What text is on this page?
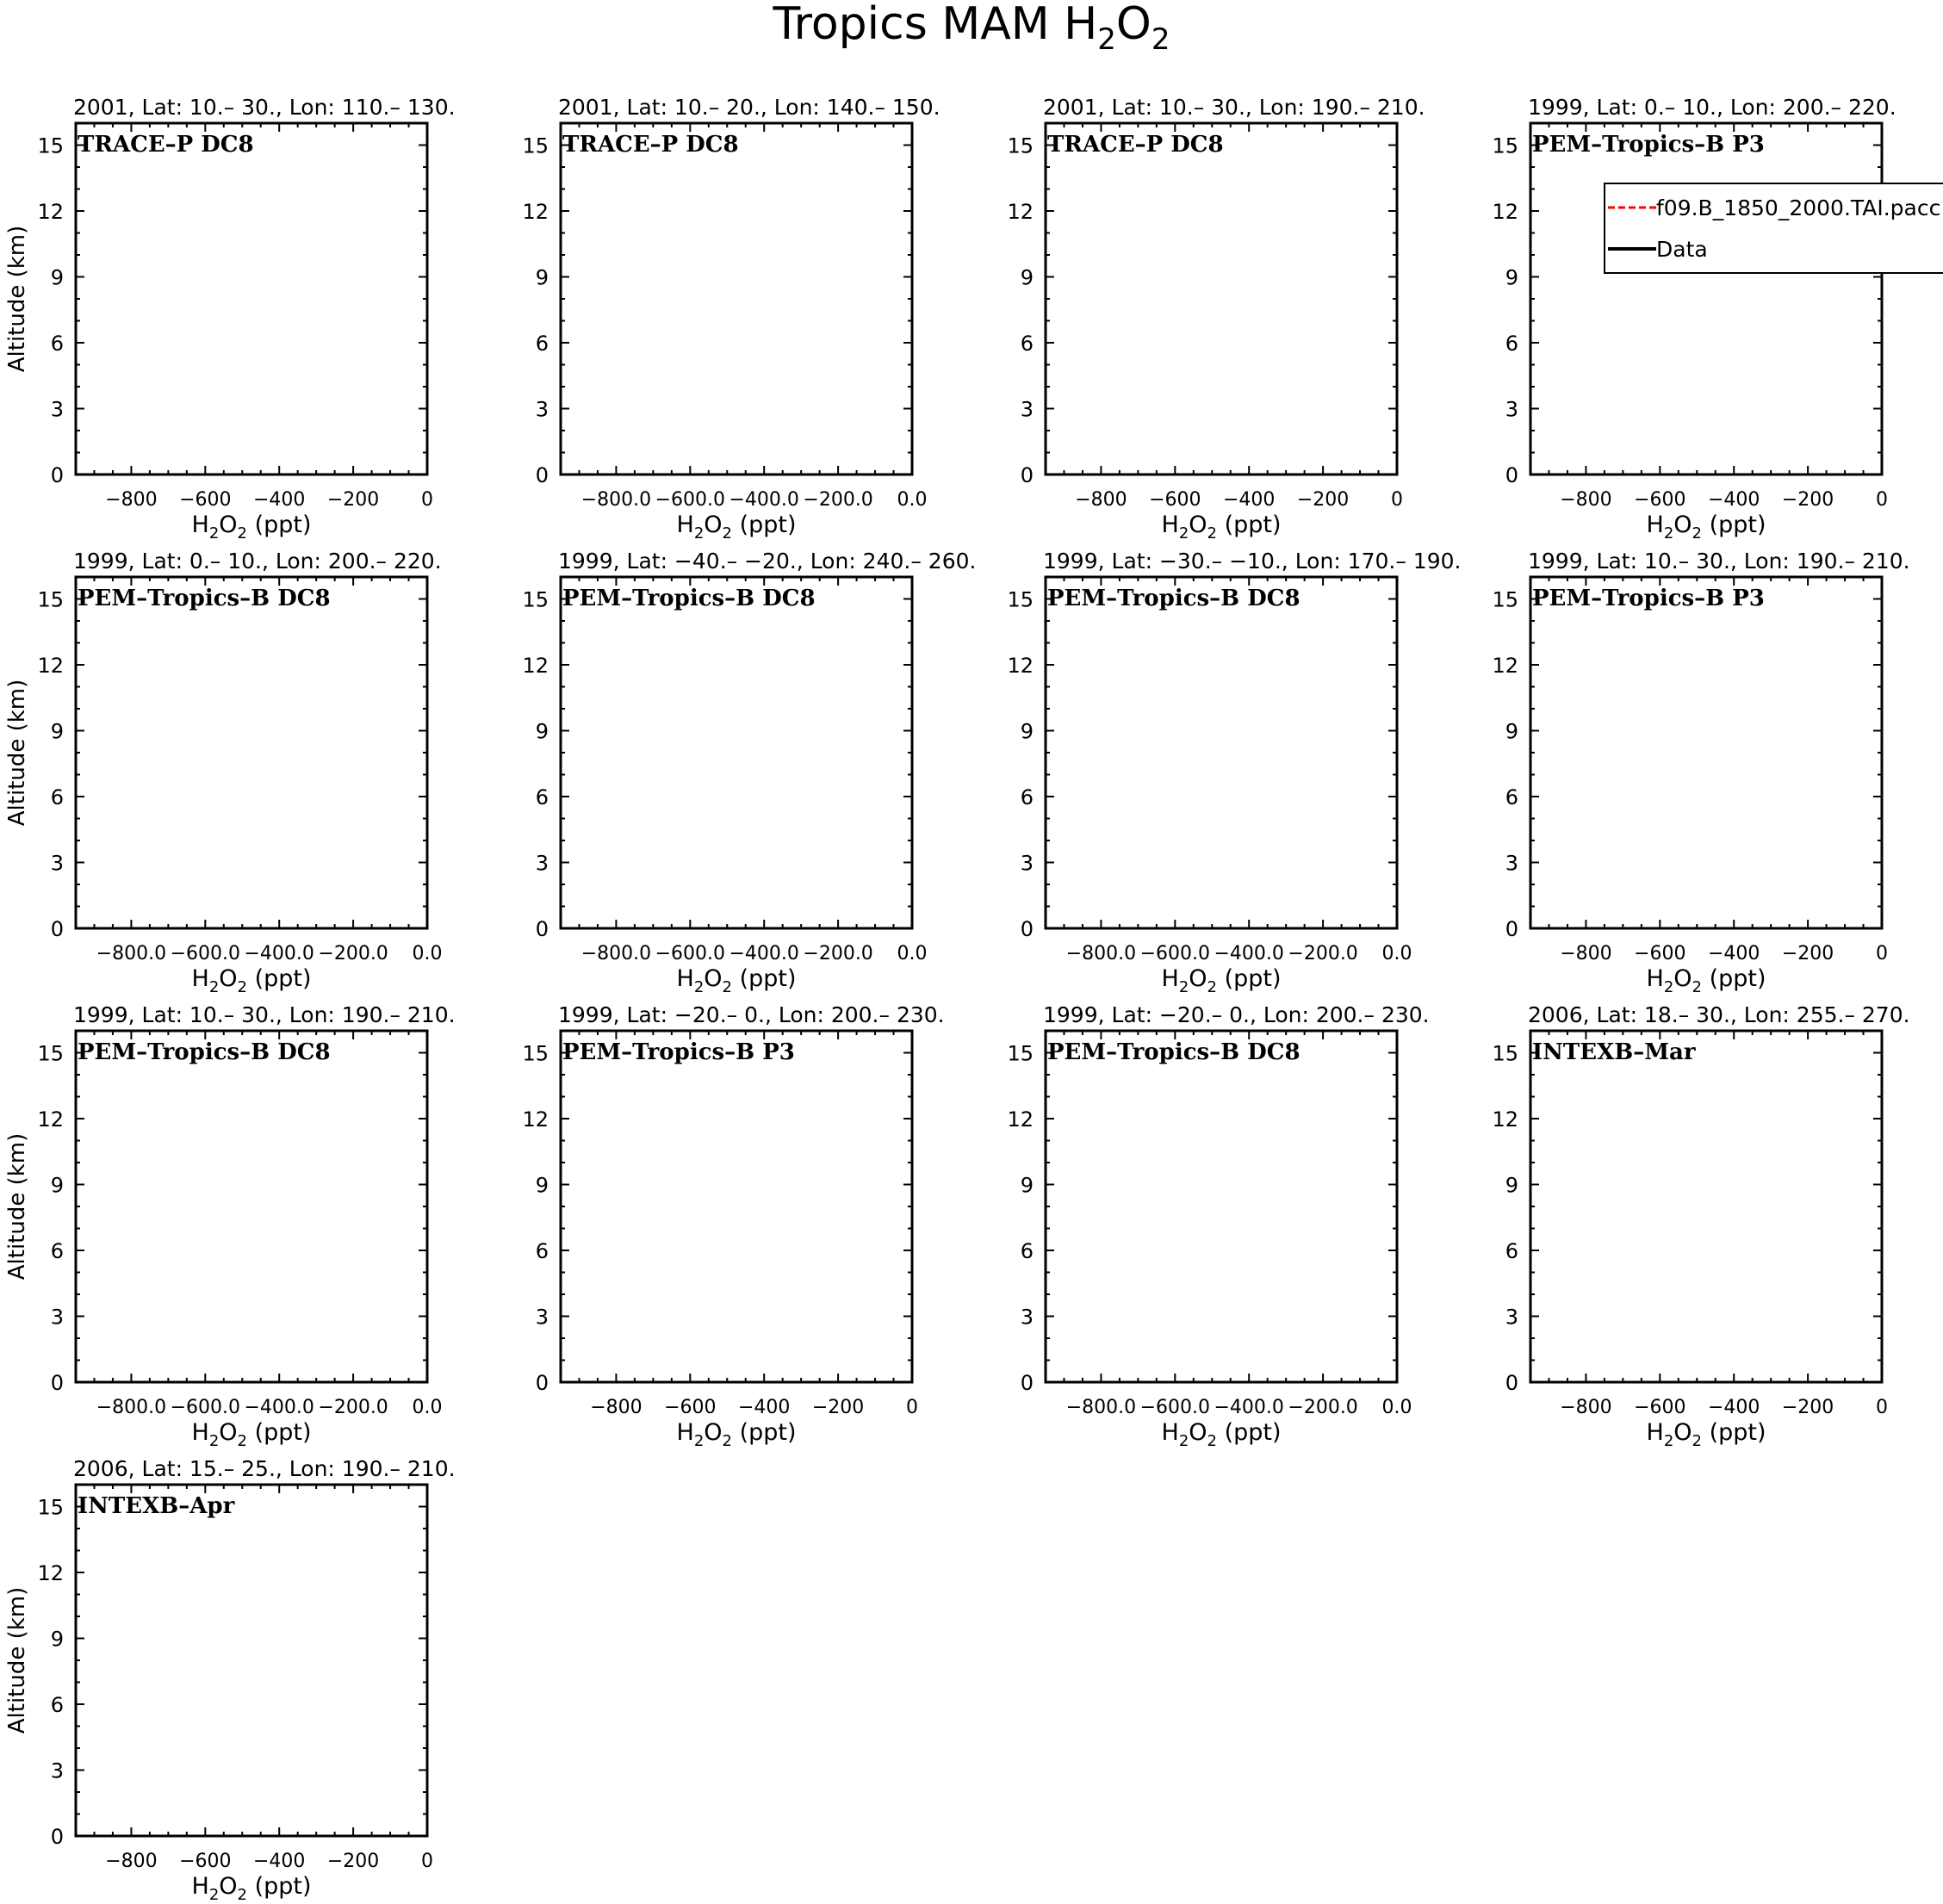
Tropics MAM $H_2O_2$
2001, Lat: 10.– 30., Lon: 110.– 130.
TRACE–P DC8
0
3
6
9
12
15
−800 −600 −400 −200 0
$H_2O_2$ (ppt)
Altitude (km)
2001, Lat: 10.– 20., Lon: 140.– 150.
TRACE–P DC8
0
3
6
9
12
15
−800.0 −600.0 −400.0 −200.0 0.0
$H_2O_2$ (ppt)
2001, Lat: 10.– 30., Lon: 190.– 210.
TRACE–P DC8
0
3
6
9
12
15
−800 −600 −400 −200 0
$H_2O_2$ (ppt)
1999, Lat: 0.– 10., Lon: 200.– 220.
PEM–Tropics–B P3
0
3
6
9
12
15
−800 −600 −400 −200 0
$H_2O_2$ (ppt)
f09.B_1850_2000.TAI.pacc
Data
1999, Lat: 0.– 10., Lon: 200.– 220.
PEM–Tropics–B DC8
0
3
6
9
12
15
−800.0 −600.0 −400.0 −200.0 0.0
$H_2O_2$ (ppt)
Altitude (km)
1999, Lat: −40.– −20., Lon: 240.– 260.
PEM–Tropics–B DC8
0
3
6
9
12
15
−800.0 −600.0 −400.0 −200.0 0.0
$H_2O_2$ (ppt)
1999, Lat: −30.– −10., Lon: 170.– 190.
PEM–Tropics–B DC8
0
3
6
9
12
15
−800.0 −600.0 −400.0 −200.0 0.0
$H_2O_2$ (ppt)
1999, Lat: 10.– 30., Lon: 190.– 210.
PEM–Tropics–B P3
0
3
6
9
12
15
−800 −600 −400 −200 0
$H_2O_2$ (ppt)
1999, Lat: 10.– 30., Lon: 190.– 210.
PEM–Tropics–B DC8
0
3
6
9
12
15
−800.0 −600.0 −400.0 −200.0 0.0
$H_2O_2$ (ppt)
Altitude (km)
1999, Lat: −20.– 0., Lon: 200.– 230.
PEM–Tropics–B P3
0
3
6
9
12
15
−800 −600 −400 −200 0
$H_2O_2$ (ppt)
1999, Lat: −20.– 0., Lon: 200.– 230.
PEM–Tropics–B DC8
0
3
6
9
12
15
−800.0 −600.0 −400.0 −200.0 0.0
$H_2O_2$ (ppt)
2006, Lat: 18.– 30., Lon: 255.– 270.
INTEXB–Mar
0
3
6
9
12
15
−800 −600 −400 −200 0
$H_2O_2$ (ppt)
2006, Lat: 15.– 25., Lon: 190.– 210.
INTEXB–Apr
0
3
6
9
12
15
−800 −600 −400 −200 0
$H_2O_2$ (ppt)
Altitude (km)
